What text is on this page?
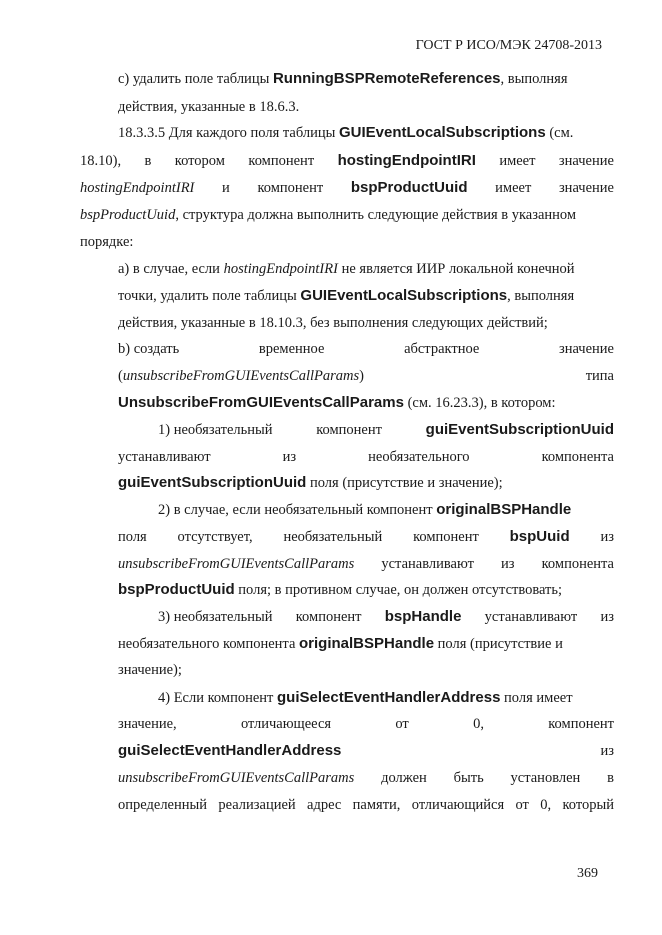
ГОСТ Р ИСО/МЭК 24708-2013
с) удалить поле таблицы RunningBSPRemoteReferences, выполняя
действия, указанные в 18.6.3.
18.3.3.5 Для каждого поля таблицы GUIEventLocalSubscriptions (см.
18.10), в котором компонент hostingEndpointIRI имеет значение
hostingEndpointIRI и компонент bspProductUuid имеет значение
bspProductUuid, структура должна выполнить следующие действия в указанном
порядке:
а) в случае, если hostingEndpointIRI не является ИИР локальной конечной
точки, удалить поле таблицы GUIEventLocalSubscriptions, выполняя
действия, указанные в 18.10.3, без выполнения следующих действий;
b) создать	временное	абстрактное	значение
(unsubscribeFromGUIEventsCallParams)	типа
UnsubscribeFromGUIEventsCallParams (см. 16.23.3), в котором:
1) необязательный	компонент	guiEventSubscriptionUuid
устанавливают	из	необязательного	компонента
guiEventSubscriptionUuid поля (присутствие и значение);
2) в случае, если необязательный компонент originalBSPHandle
поля отсутствует, необязательный компонент bspUuid из
unsubscribeFromGUIEventsCallParams устанавливают из компонента
bspProductUuid поля; в противном случае, он должен отсутствовать;
3) необязательный компонент bspHandle устанавливают из
необязательного компонента originalBSPHandle поля (присутствие и
значение);
4) Если компонент guiSelectEventHandlerAddress поля имеет
значение,	отличающееся	от	0,	компонент
guiSelectEventHandlerAddress	из
unsubscribeFromGUIEventsCallParams должен быть установлен в
определенный реализацией адрес памяти, отличающийся от 0, который
369
